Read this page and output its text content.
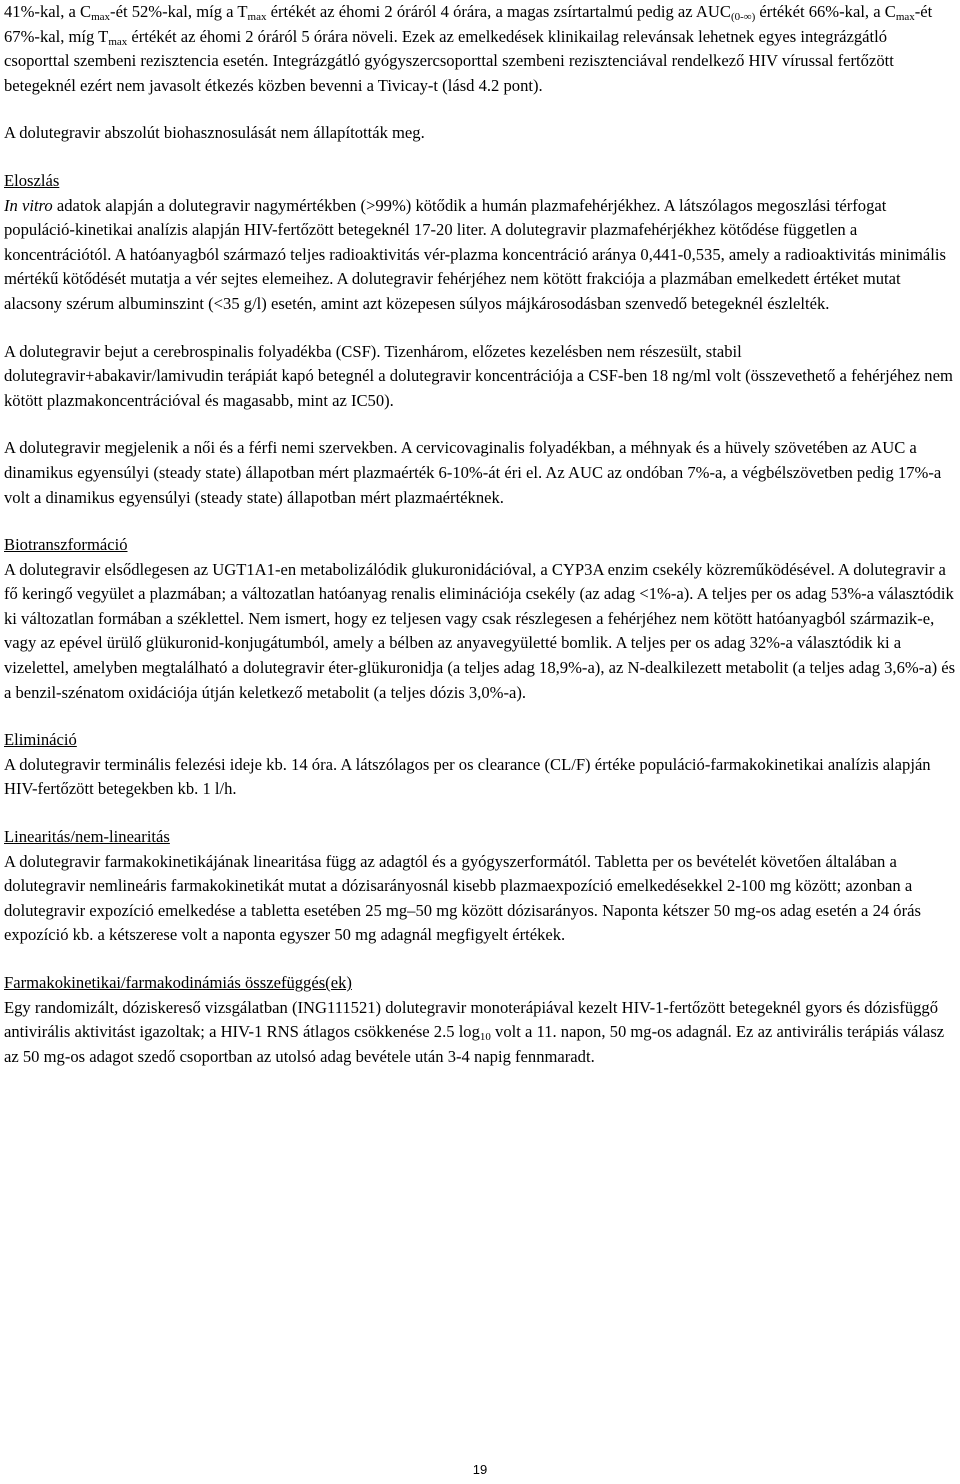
41%-kal, a $C_{max}-ét$ 52%-kal, míg a $T_{max}$ értékét az éhomi 2 óráról 4 órára, a magas zsírtartalmú pedig az $AUC_{(0-\infty)}$ értékét 66%-kal, a $C_{max}-ét$ 67%-kal, míg $T_{max}$ értékét az éhomi 2 óráról 5 órára növeli. Ezek az emelkedések klinikailag relevánsak lehetnek egyes integrázgátló csoporttal szembeni rezisztencia esetén. Integrázgátló gyógyszercsoporttal szembeni rezisztenciával rendelkező HIV vírussal fertőzött betegeknél ezért nem javasolt étkezés közben bevenni a Tivicay-t (lásd 4.2 pont).

A dolutegravir abszolút biohasznosulását nem állapították meg.

Eloszlás

In vitro adatok alapján a dolutegravir nagymértékben (>99%) kötődik a humán plazmafehérjékhez. A látszólagos megoszlási térfogat populáció-kinetikai analízis alapján HIV-fertőzött betegeknél 17-20 liter. A dolutegravir plazmafehérjékhez kötődése független a koncentrációtól. A hatóanyagból származó teljes radioaktivitás vér-plazma koncentráció aránya 0,441-0,535, amely a radioaktivitás minimális mértékű kötődését mutatja a vér sejtes elemeihez. A dolutegravir fehérjéhez nem kötött frakciója a plazmában emelkedett értéket mutat alacsony szérum albuminszint (<35 g/l) esetén, amint azt közepesen súlyos májkárosodásban szenvedő betegeknél észlelték.

A dolutegravir bejut a cerebrospinalis folyadékba (CSF). Tizenhárom, előzetes kezelésben nem részesült, stabil dolutegravir+abakavir/lamivudin terápiát kapó betegnél a dolutegravir koncentrációja a CSF-ben 18 ng/ml volt (összevethető a fehérjéhez nem kötött plazmakoncentrációval és magasabb, mint az IC50).

A dolutegravir megjelenik a női és a férfi nemi szervekben. A cervicovaginalis folyadékban, a méhnyak és a hüvely szövetében az AUC a dinamikus egyensúlyi (steady state) állapotban mért plazmaérték 6-10%-át éri el. Az AUC az ondóban 7%-a, a végbélszövetben pedig 17%-a volt a dinamikus egyensúlyi (steady state) állapotban mért plazmaértéknek.

Biotranszformáció

A dolutegravir elsődlegesen az UGT1A1-en metabolizálódik glukuronidációval, a CYP3A enzim csekély közreműködésével. A dolutegravir a fő keringő vegyület a plazmában; a változatlan hatóanyag renalis eliminációja csekély (az adag <1%-a). A teljes per os adag 53%-a választódik ki változatlan formában a széklettel. Nem ismert, hogy ez teljesen vagy csak részlegesen a fehérjéhez nem kötött hatóanyagból származik-e, vagy az epével ürülő glükuronid-konjugátumból, amely a bélben az anyavegyületté bomlik. A teljes per os adag 32%-a választódik ki a vizelettel, amelyben megtalálható a dolutegravir éter-glükuronidja (a teljes adag 18,9%-a), az N-dealkilezett metabolit (a teljes adag 3,6%-a) és a benzil-szénatom oxidációja útján keletkező metabolit (a teljes dózis 3,0%-a).

Elimináció

A dolutegravir terminális felezési ideje kb. 14 óra. A látszólagos per os clearance (CL/F) értéke populáció-farmakokinetikai analízis alapján HIV-fertőzött betegekben kb. 1 l/h.

Linearitás/nem-linearitás

A dolutegravir farmakokinetikájának linearitása függ az adagtól és a gyógyszerformától. Tabletta per os bevételét követően általában a dolutegravir nemlineáris farmakokinetikát mutat a dózisarányosnál kisebb plazmaexpozíció emelkedésekkel 2-100 mg között; azonban a dolutegravir expozíció emelkedése a tabletta esetében 25 mg–50 mg között dózisarányos. Naponta kétszer 50 mg-os adag esetén a 24 órás expozíció kb. a kétszerese volt a naponta egyszer 50 mg adagnál megfigyelt értékek.

Farmakokinetikai/farmakodinámiás összefüggés(ek)

Egy randomizált, dóziskereső vizsgálatban (ING111521) dolutegravir monoterápiával kezelt HIV-1-fertőzött betegeknél gyors és dózisfüggő antivirális aktivitást igazoltak; a HIV-1 RNS átlagos csökkenése 2.5 $\log_{10}$ volt a 11. napon, 50 mg-os adagnál. Ez az antivirális terápiás válasz az 50 mg-os adagot szedő csoportban az utolsó adag bevétele után 3-4 napig fennmaradt.

19
